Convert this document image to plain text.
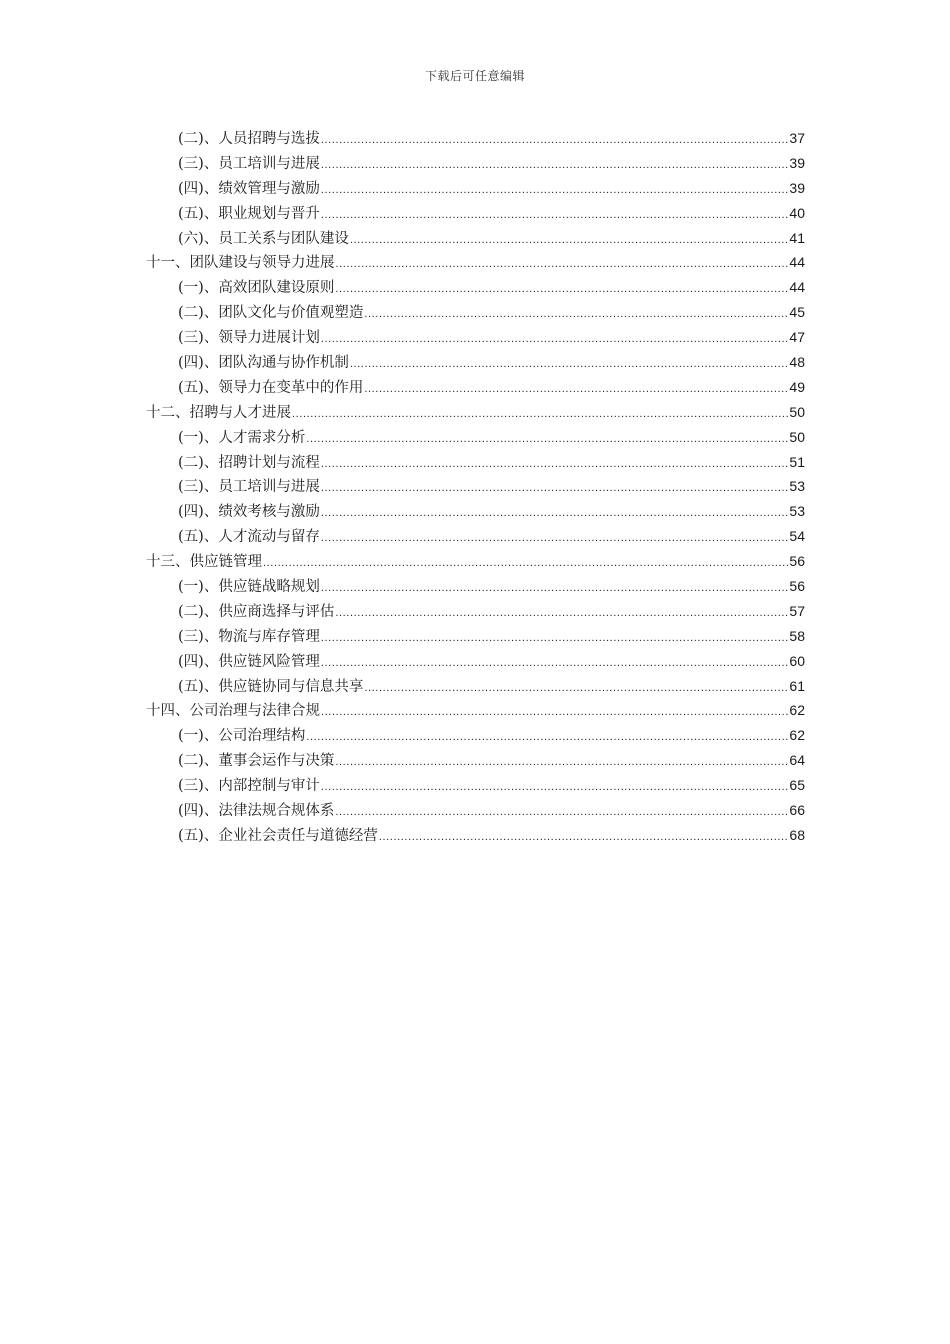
下载后可任意编辑
(二)、人员招聘与选拔 .....	37
(三)、员工培训与进展 .....	39
(四)、绩效管理与激励 .....	39
(五)、职业规划与晋升 .....	40
(六)、员工关系与团队建设 .....	41
十一、团队建设与领导力进展 .....	44
(一)、高效团队建设原则 .....	44
(二)、团队文化与价值观塑造 .....	45
(三)、领导力进展计划 .....	47
(四)、团队沟通与协作机制 .....	48
(五)、领导力在变革中的作用 .....	49
十二、招聘与人才进展 .....	50
(一)、人才需求分析 .....	50
(二)、招聘计划与流程 .....	51
(三)、员工培训与进展 .....	53
(四)、绩效考核与激励 .....	53
(五)、人才流动与留存 .....	54
十三、供应链管理 .....	56
(一)、供应链战略规划 .....	56
(二)、供应商选择与评估 .....	57
(三)、物流与库存管理 .....	58
(四)、供应链风险管理 .....	60
(五)、供应链协同与信息共享 .....	61
十四、公司治理与法律合规 .....	62
(一)、公司治理结构 .....	62
(二)、董事会运作与决策 .....	64
(三)、内部控制与审计 .....	65
(四)、法律法规合规体系 .....	66
(五)、企业社会责任与道德经营 .....	68
